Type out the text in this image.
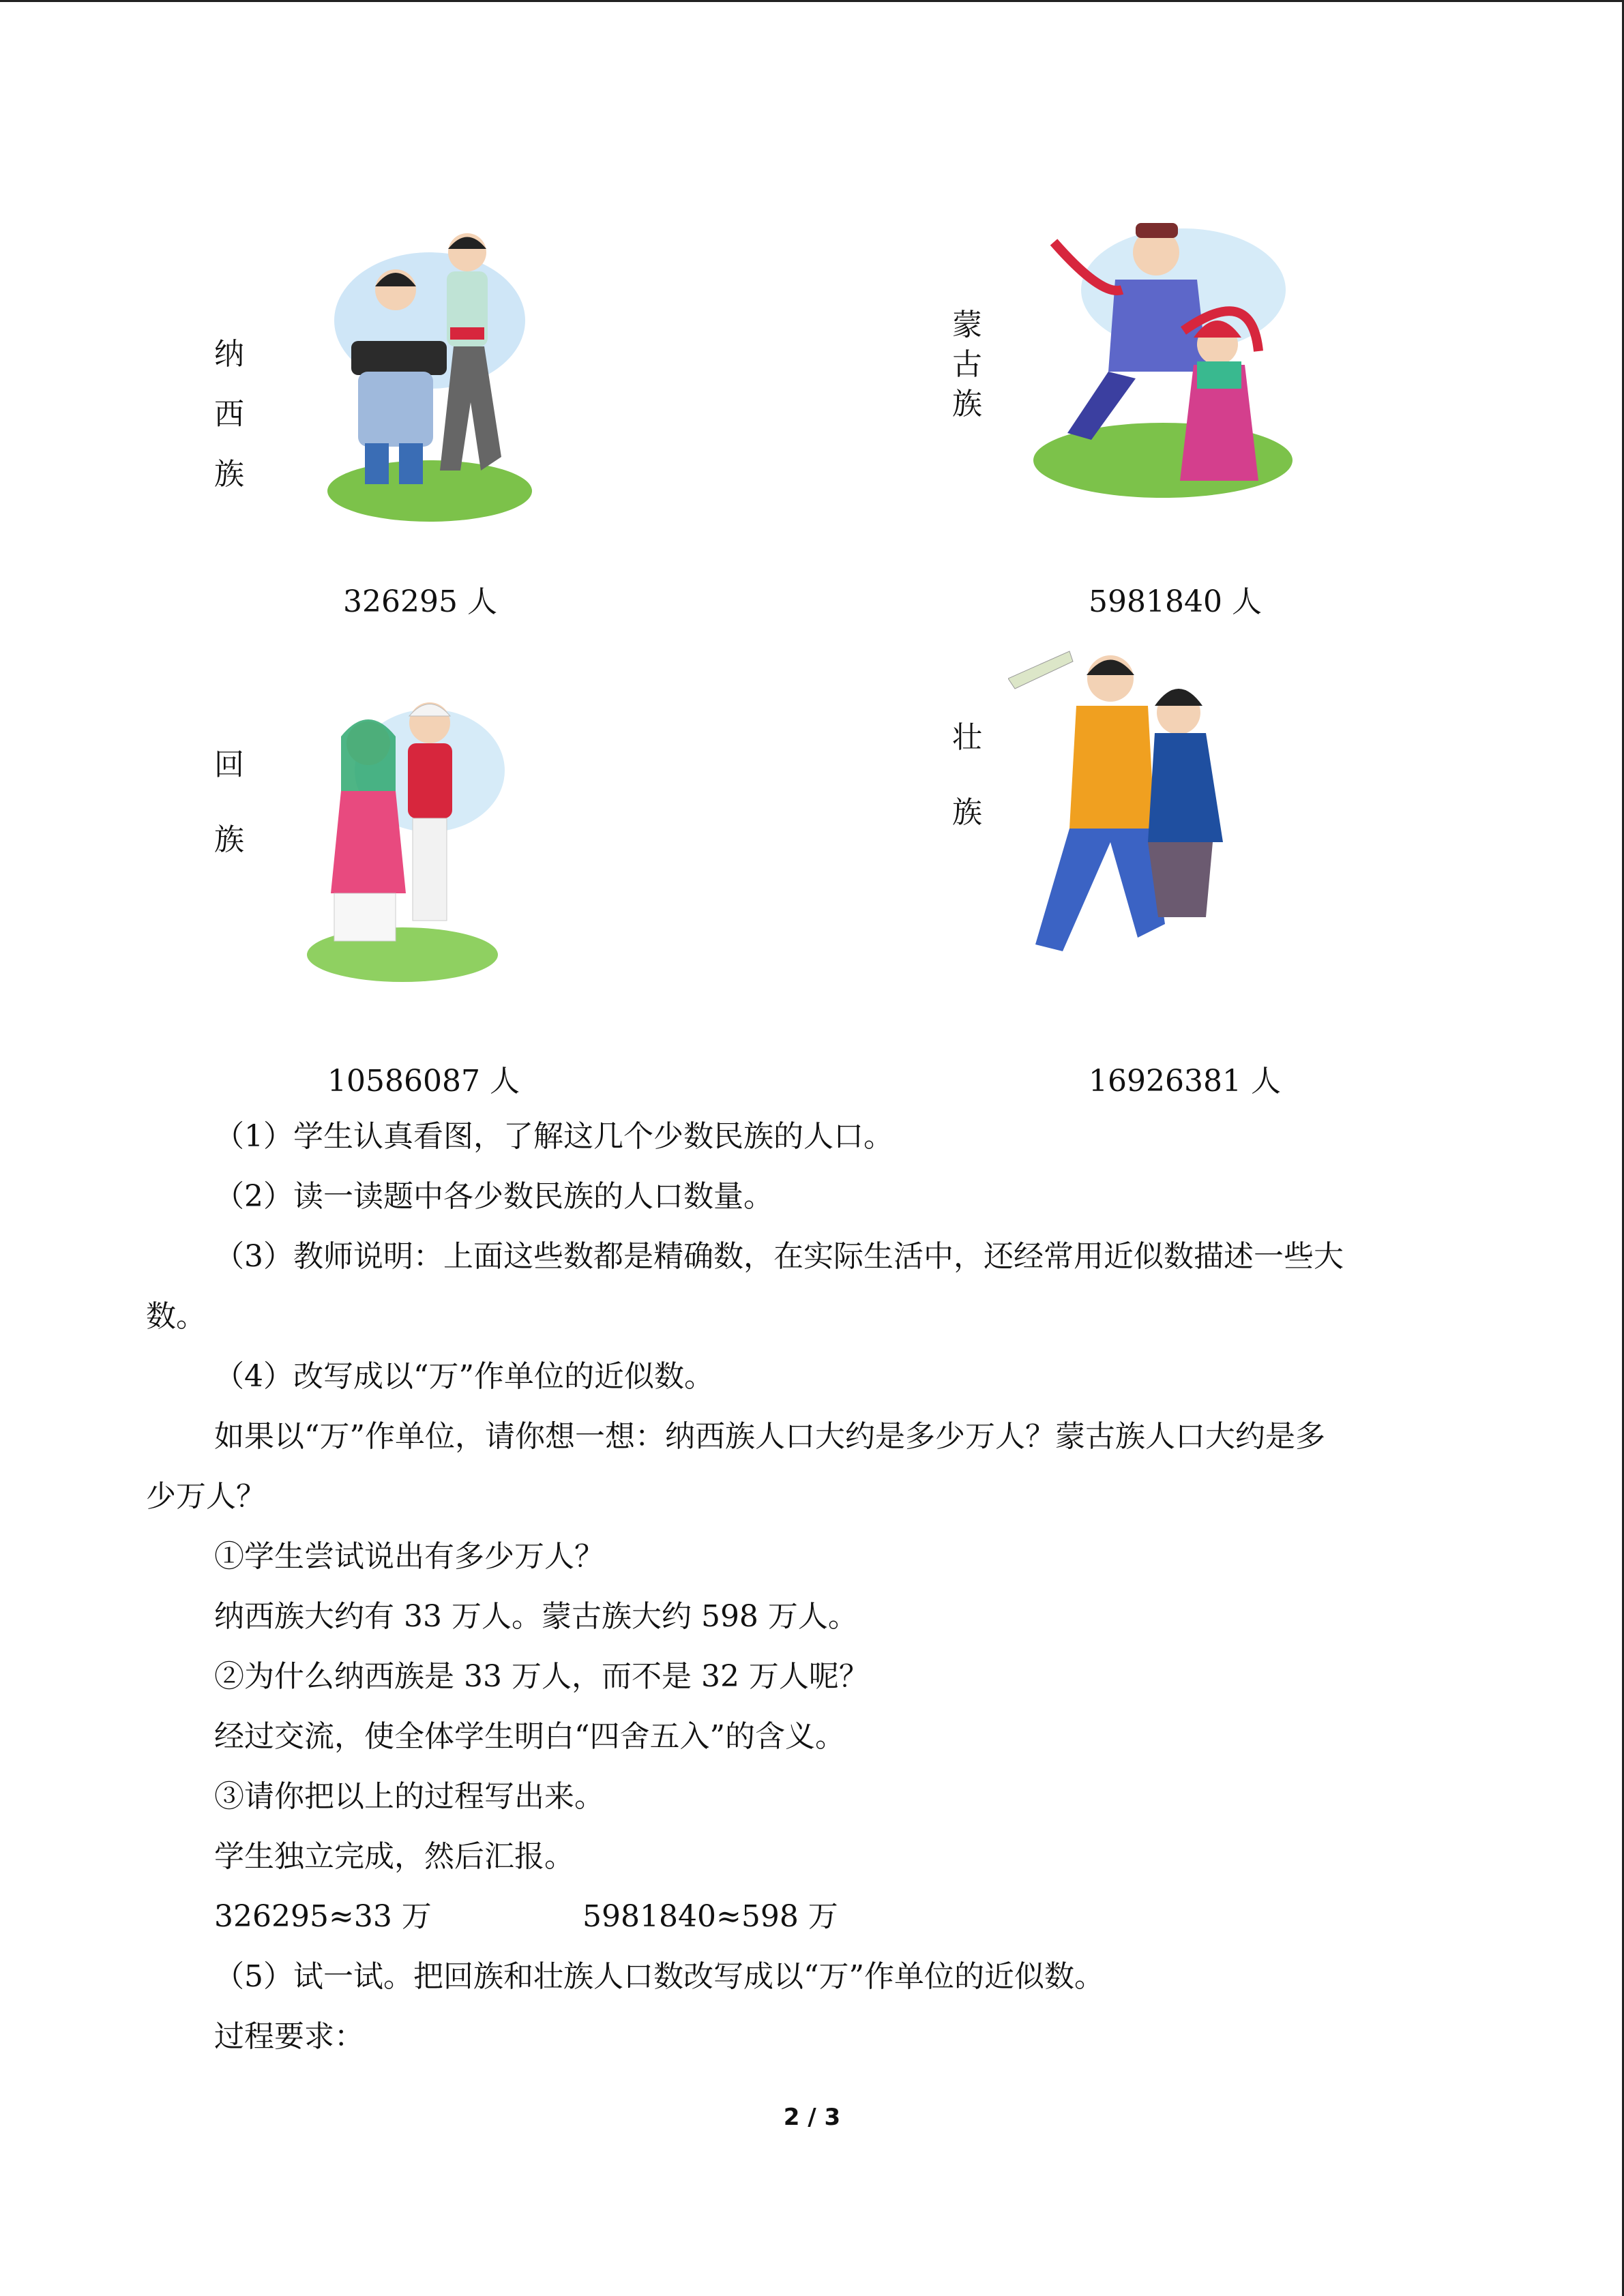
纳
西
族
326295 人
蒙
古
族
5981840 人
回
族
10586087 人
壮
族
16926381 人

（1）学生认真看图，了解这几个少数民族的人口。

（2）读一读题中各少数民族的人口数量。

（3）教师说明：上面这些数都是精确数，在实际生活中，还经常用近似数描述一些大

数。

（4）改写成以“万”作单位的近似数。

如果以“万”作单位，请你想一想：纳西族人口大约是多少万人？蒙古族人口大约是多

少万人？

①学生尝试说出有多少万人？

纳西族大约有 33 万人。蒙古族大约 598 万人。

②为什么纳西族是 33 万人，而不是 32 万人呢？

经过交流，使全体学生明白“四舍五入”的含义。

③请你把以上的过程写出来。

学生独立完成，然后汇报。

326295≈33 万	5981840≈598 万

（5）试一试。把回族和壮族人口数改写成以“万”作单位的近似数。

过程要求：

2 / 3
